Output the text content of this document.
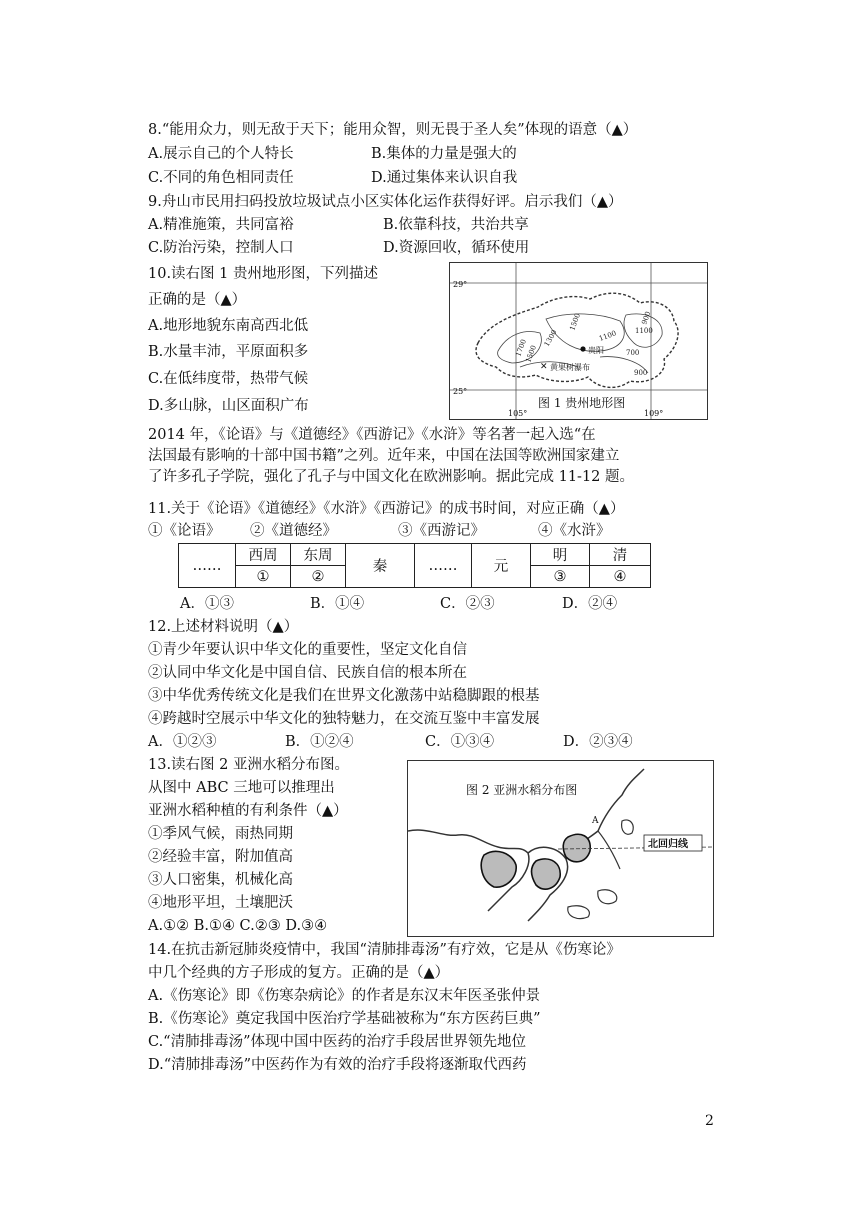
8.“能用众力，则无敌于天下；能用众智，则无畏于圣人矣”体现的语意（▲）
A.展示自己的个人特长	B.集体的力量是强大的
C.不同的角色相同责任	D.通过集体来认识自我
9.舟山市民用扫码投放垃圾试点小区实体化运作获得好评。启示我们（▲）
A.精准施策，共同富裕	B.依靠科技，共治共享
C.防治污染，控制人口	D.资源回收，循环使用
10.读右图 1 贵州地形图，下列描述
正确的是（▲）
A.地形地貌东南高西北低
B.水量丰沛，平原面积多
C.在低纬度带，热带气候
D.多山脉，山区面积广布
贵阳
✕ 黄果树瀑布
1500
1700
1500
1100
1300	1100
700
900
900
29°
25°
105°	109°
图 1 贵州地形图
2014 年，《论语》与《道德经》《西游记》《水浒》等名著一起入选“在
法国最有影响的十部中国书籍”之列。近年来，中国在法国等欧洲国家建立
了许多孔子学院，强化了孔子与中国文化在欧洲影响。据此完成 11-12 题。
11.关于《论语》《道德经》《水浒》《西游记》的成书时间，对应正确（▲）
①《论语》 ②《道德经》	③《西游记》	④《水浒》
……	西周	东周	秦	……	元	明	清
	①	②				③	④
A．①③	B．①④	C．②③	D．②④
12.上述材料说明（▲）
①青少年要认识中华文化的重要性，坚定文化自信
②认同中华文化是中国自信、民族自信的根本所在
③中华优秀传统文化是我们在世界文化激荡中站稳脚跟的根基
④跨越时空展示中华文化的独特魅力，在交流互鉴中丰富发展
A．①②③	B．①②④	C．①③④	D．②③④
13.读右图 2 亚洲水稻分布图。
从图中 ABC 三地可以推理出
亚洲水稻种植的有利条件（▲）
①季风气候，雨热同期
②经验丰富，附加值高
③人口密集，机械化高
④地形平坦，土壤肥沃
A.①② B.①④ C.②③ D.③④
A
北回归线
图 2 亚洲水稻分布图
14.在抗击新冠肺炎疫情中，我国“清肺排毒汤”有疗效，它是从《伤寒论》
中几个经典的方子形成的复方。正确的是（▲）
A.《伤寒论》即《伤寒杂病论》的作者是东汉末年医圣张仲景
B.《伤寒论》奠定我国中医治疗学基础被称为“东方医药巨典”
C.“清肺排毒汤”体现中国中医药的治疗手段居世界领先地位
D.“清肺排毒汤”中医药作为有效的治疗手段将逐渐取代西药
2
